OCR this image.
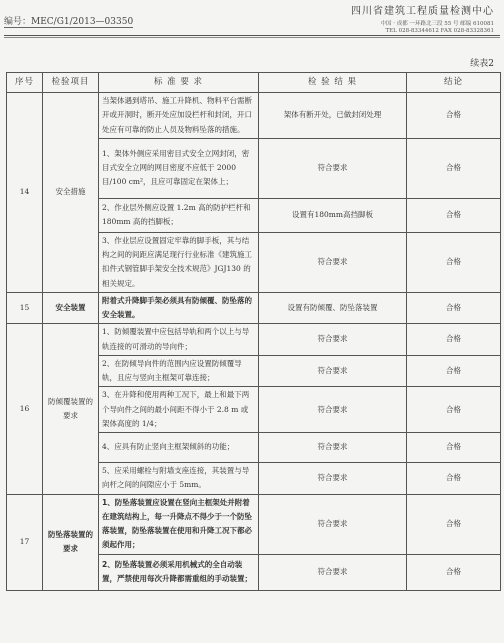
编号：MEC/G1/2013—03350
四川省建筑工程质量检测中心
中国 · 成都 一环路北三段 55 号 邮编 610081
TEL 028-83344612 FAX 028-83328361
续表2
序号	检验项目	标 准 要 求	检 验 结 果	结论
14	安全措施	当架体遇到塔吊、施工升降机、物料平台需断开或开洞时，断开处应加设栏杆和封闭，开口处应有可靠的防止人员及物料坠落的措施。	架体有断开处，已做封闭处理	合格
		1、架体外侧应采用密目式安全立网封闭，密目式安全立网的网目密度不应低于 2000 目/100 cm²，且应可靠固定在架体上；	符合要求	合格
		2、作业层外侧应设置 1.2m 高的防护栏杆和 180mm 高的挡脚板；	设置有180mm高挡脚板	合格
		3、作业层应设置固定牢靠的脚手板，其与结构之间的间距应满足现行行业标准《建筑施工扣件式钢管脚手架安全技术规范》JGJ130 的相关规定。	符合要求	合格
15	安全装置	附着式升降脚手架必须具有防倾覆、防坠落的安全装置。	设置有防倾覆、防坠落装置	合格
16	防倾覆装置的要求	1、防倾覆装置中应包括导轨和两个以上与导轨连接的可滑动的导向件；	符合要求	合格
		2、在防倾导向件的范围内应设置防倾覆导轨，且应与竖向主框架可靠连接；	符合要求	合格
		3、在升降和使用两种工况下，最上和最下两个导向件之间的最小间距不得小于 2.8 m 或架体高度的 1/4；	符合要求	合格
		4、应具有防止竖向主框架倾斜的功能；	符合要求	合格
		5、应采用螺栓与附墙支座连接，其装置与导向杆之间的间隙应小于 5mm。	符合要求	合格
17	防坠落装置的要求	1、防坠落装置应设置在竖向主框架处并附着在建筑结构上，每一升降点不得少于一个防坠落装置，防坠落装置在使用和升降工况下都必须起作用；	符合要求	合格
		2、防坠落装置必须采用机械式的全自动装置，严禁使用每次升降都需重组的手动装置；	符合要求	合格
